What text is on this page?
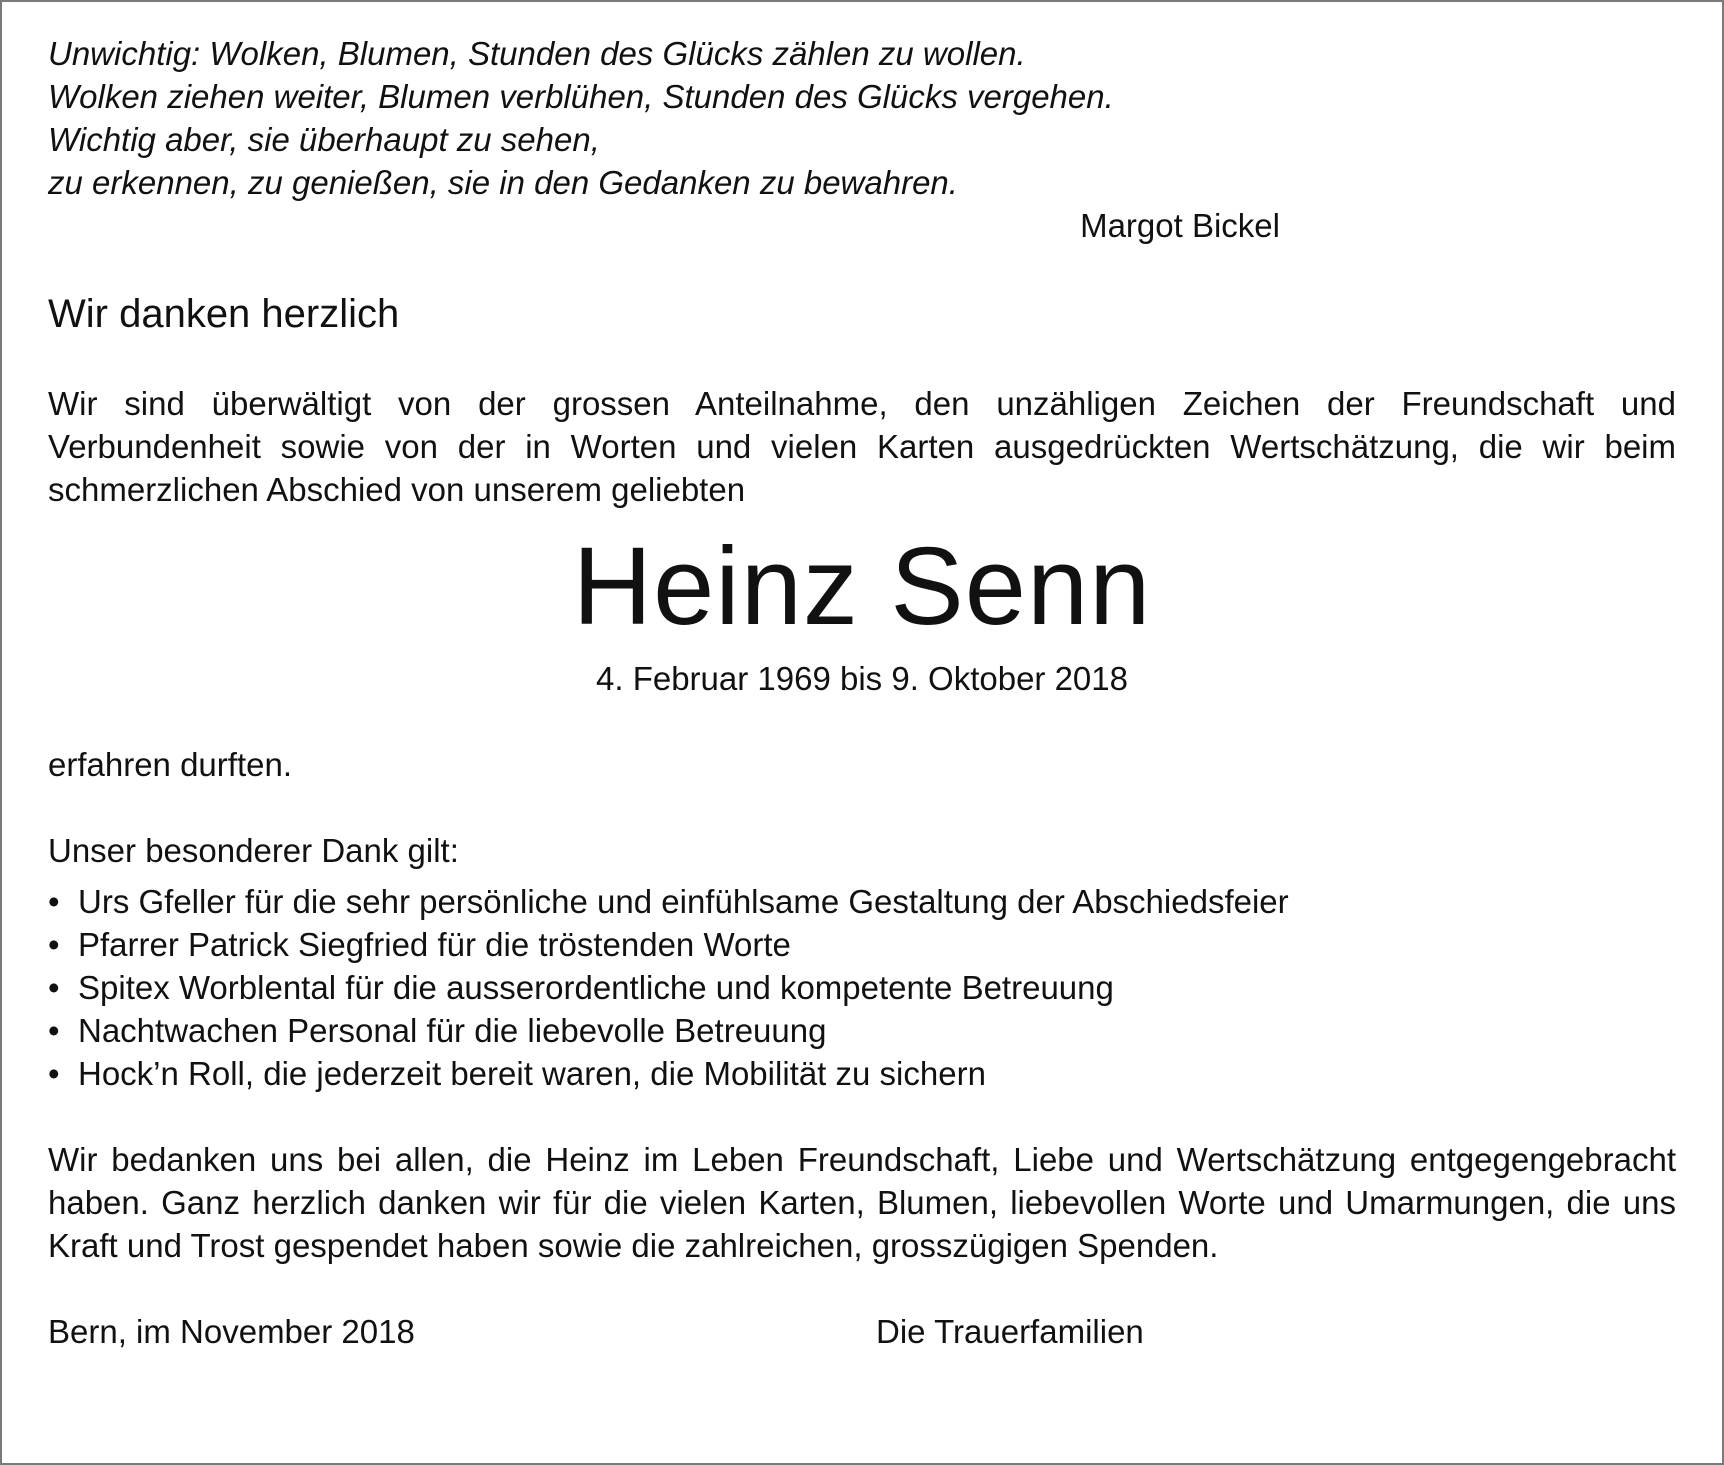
Unwichtig: Wolken, Blumen, Stunden des Glücks zählen zu wollen.
Wolken ziehen weiter, Blumen verblühen, Stunden des Glücks vergehen.
Wichtig aber, sie überhaupt zu sehen,
zu erkennen, zu genießen, sie in den Gedanken zu bewahren.
Margot Bickel
Wir danken herzlich

Wir sind überwältigt von der grossen Anteilnahme, den unzähligen Zeichen der Freundschaft und Verbundenheit sowie von der in Worten und vielen Karten ausgedrückten Wertschätzung, die wir beim schmerzlichen Abschied von unserem geliebten

Heinz Senn

4. Februar 1969 bis 9. Oktober 2018

erfahren durften.

Unser besonderer Dank gilt:

• Urs Gfeller für die sehr persönliche und einfühlsame Gestaltung der Abschiedsfeier
• Pfarrer Patrick Siegfried für die tröstenden Worte
• Spitex Worblental für die ausserordentliche und kompetente Betreuung
• Nachtwachen Personal für die liebevolle Betreuung
• Hock’n Roll, die jederzeit bereit waren, die Mobilität zu sichern

Wir bedanken uns bei allen, die Heinz im Leben Freundschaft, Liebe und Wertschätzung entgegengebracht haben. Ganz herzlich danken wir für die vielen Karten, Blumen, liebevollen Worte und Umarmungen, die uns Kraft und Trost gespendet haben sowie die zahlreichen, grosszügigen Spenden.

Bern, im November 2018	Die Trauerfamilien
